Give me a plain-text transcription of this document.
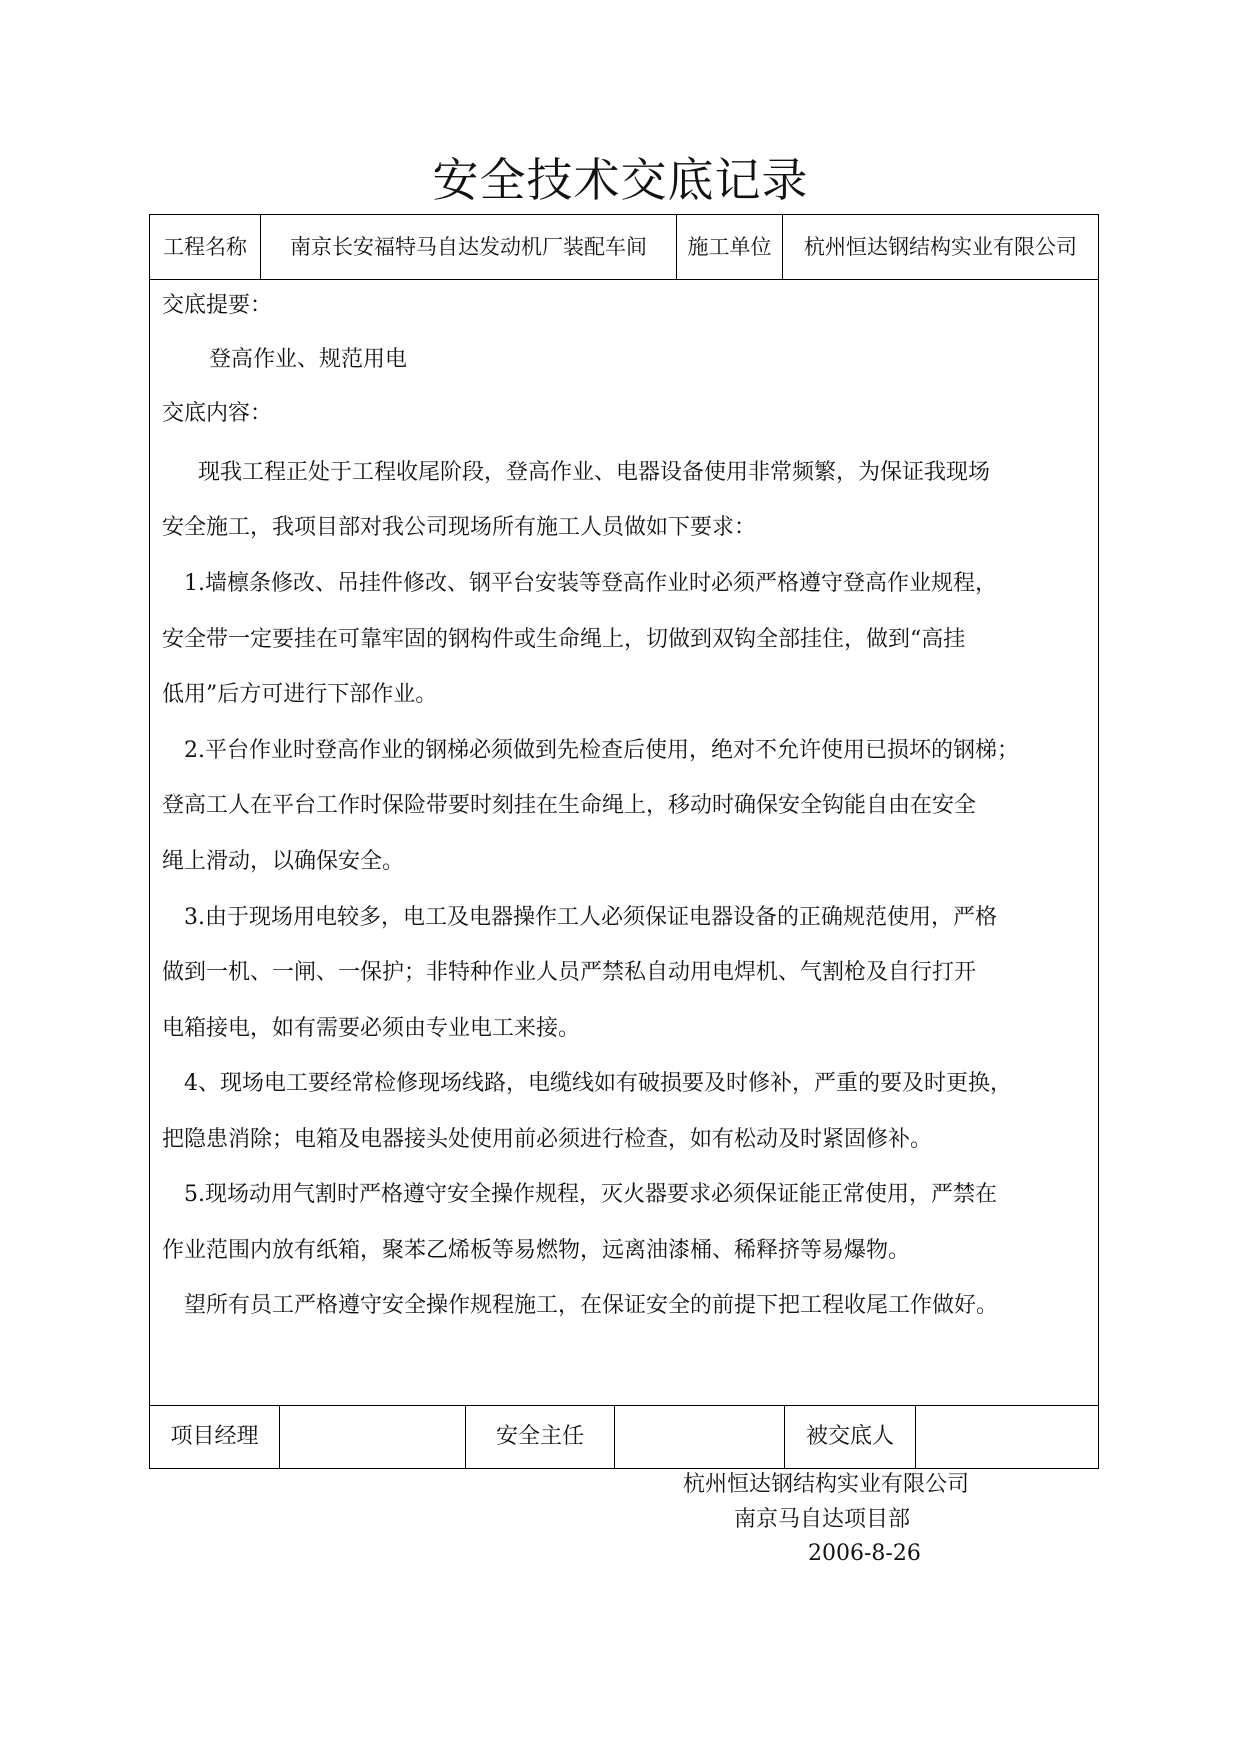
安全技术交底记录
工程名称	南京长安福特马自达发动机厂装配车间	施工单位	杭州恒达钢结构实业有限公司
交底提要：
登高作业、规范用电
交底内容：
现我工程正处于工程收尾阶段，登高作业、电器设备使用非常频繁，为保证我现场
安全施工，我项目部对我公司现场所有施工人员做如下要求：
1.墙檩条修改、吊挂件修改、钢平台安装等登高作业时必须严格遵守登高作业规程，
安全带一定要挂在可靠牢固的钢构件或生命绳上，切做到双钩全部挂住，做到“高挂
低用”后方可进行下部作业。
2.平台作业时登高作业的钢梯必须做到先检查后使用，绝对不允许使用已损坏的钢梯；
登高工人在平台工作时保险带要时刻挂在生命绳上，移动时确保安全钩能自由在安全
绳上滑动，以确保安全。
3.由于现场用电较多，电工及电器操作工人必须保证电器设备的正确规范使用，严格
做到一机、一闸、一保护；非特种作业人员严禁私自动用电焊机、气割枪及自行打开
电箱接电，如有需要必须由专业电工来接。
4、现场电工要经常检修现场线路，电缆线如有破损要及时修补，严重的要及时更换，
把隐患消除；电箱及电器接头处使用前必须进行检查，如有松动及时紧固修补。
5.现场动用气割时严格遵守安全操作规程，灭火器要求必须保证能正常使用，严禁在
作业范围内放有纸箱，聚苯乙烯板等易燃物，远离油漆桶、稀释挤等易爆物。
望所有员工严格遵守安全操作规程施工，在保证安全的前提下把工程收尾工作做好。
项目经理	安全主任	被交底人
杭州恒达钢结构实业有限公司
南京马自达项目部
2006-8-26
